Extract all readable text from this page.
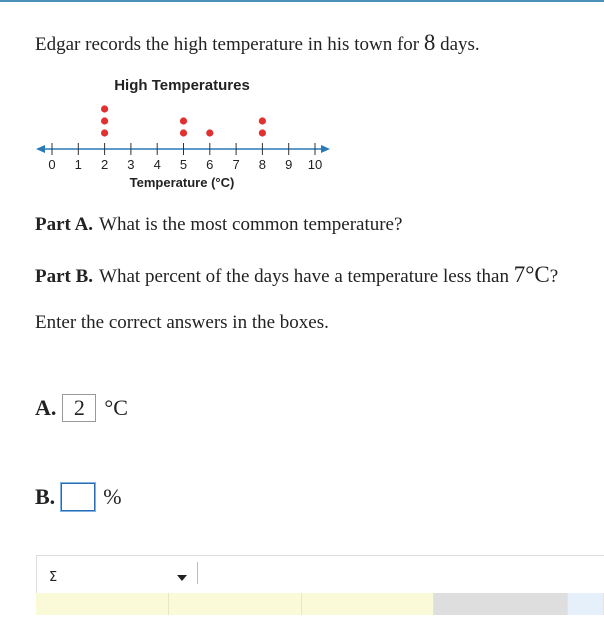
Edgar records the high temperature in his town for 8 days.
High Temperatures
0 1 2 3 4 5 6 7 8 9 10
Temperature (°C)
Part A. What is the most common temperature?
Part B. What percent of the days have a temperature less than 7°C?
Enter the correct answers in the boxes.
A.
2 °C
B. %
Σ
